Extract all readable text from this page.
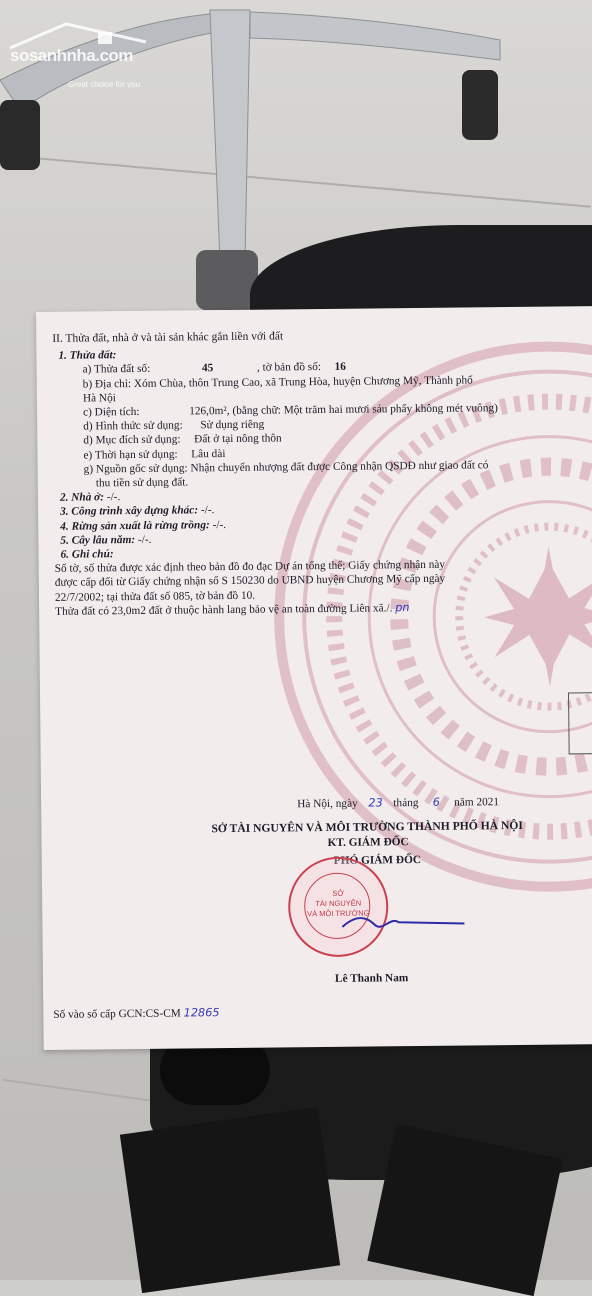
sosanhnha.com
Great choice for you
II. Thửa đất, nhà ở và tài sản khác gắn liền với đất
1. Thửa đất:
a) Thửa đất số:	45	, tờ bản đồ số: 16
b) Địa chỉ: Xóm Chùa, thôn Trung Cao, xã Trung Hòa, huyện Chương Mỹ, Thành phố
Hà Nội
c) Diện tích:	126,0m², (bằng chữ: Một trăm hai mươi sáu phẩy không mét vuông)
d) Hình thức sử dụng: Sử dụng riêng
d) Mục đích sử dụng: Đất ở tại nông thôn
e) Thời hạn sử dụng: Lâu dài
g) Nguồn gốc sử dụng: Nhận chuyển nhượng đất được Công nhận QSDĐ như giao đất có
thu tiền sử dụng đất.
2. Nhà ở: -/-.
3. Công trình xây dựng khác: -/-.
4. Rừng sản xuất là rừng trồng: -/-.
5. Cây lâu năm: -/-.
6. Ghi chú:
Số tờ, số thửa được xác định theo bản đồ đo đạc Dự án tổng thể; Giấy chứng nhận này
được cấp đổi từ Giấy chứng nhận số S 150230 do UBND huyện Chương Mỹ cấp ngày
22/7/2002; tại thửa đất số 085, tờ bản đồ 10.
Thửa đất có 23,0m2 đất ở thuộc hành lang bảo vệ an toàn đường Liên xã./. pn
Hà Nội, ngày 23 tháng 6 năm 2021
SỞ TÀI NGUYÊN VÀ MÔI TRƯỜNG THÀNH PHỐ HÀ NỘI
KT. GIÁM ĐỐC
PHÓ GIÁM ĐỐC
SỞ
TÀI NGUYÊN
VÀ MÔI TRƯỜNG
Lê Thanh Nam
Số vào sổ cấp GCN:CS-CM 12865
